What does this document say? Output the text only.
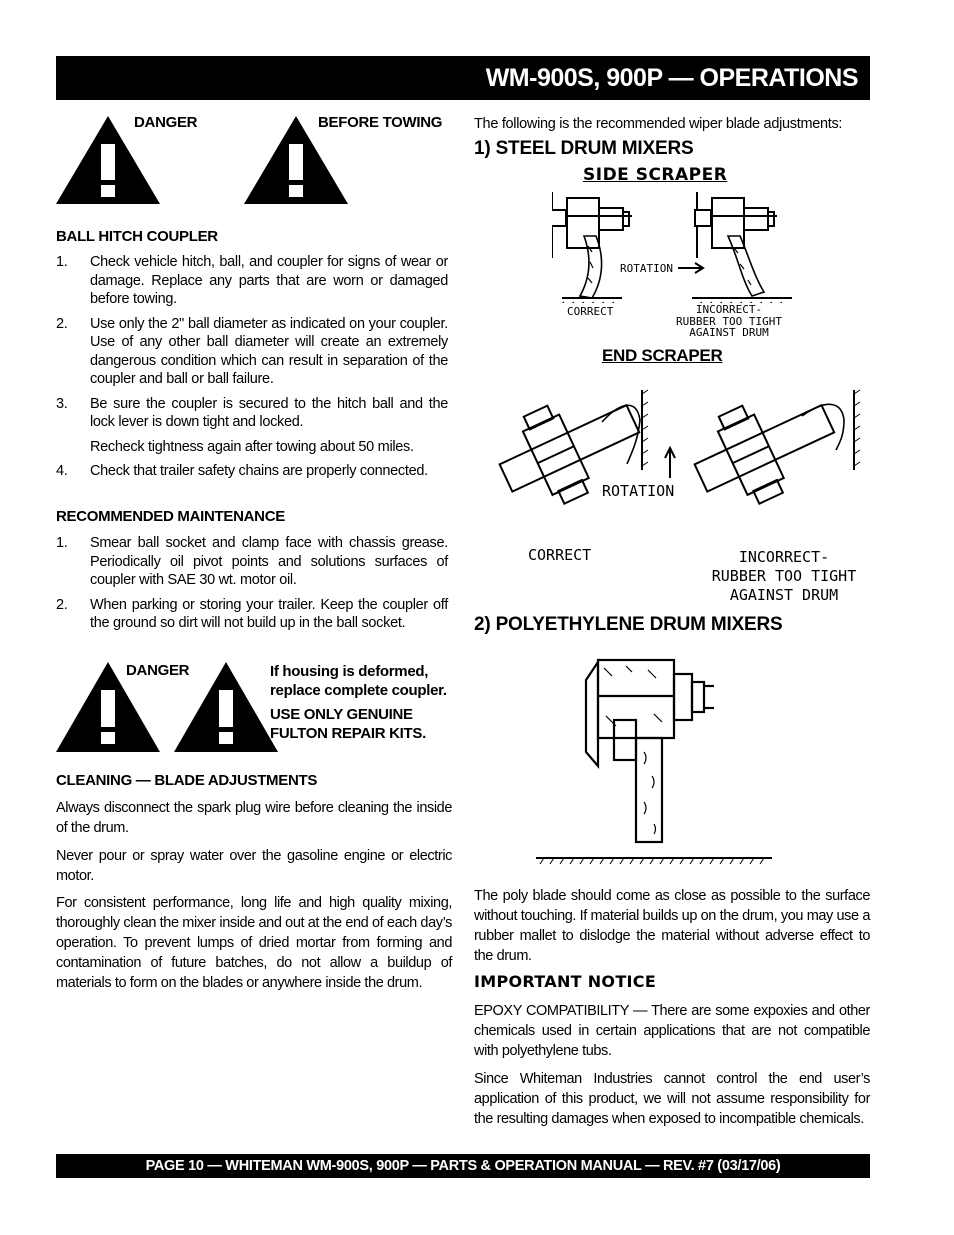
WM-900S, 900P — OPERATIONS
DANGER	BEFORE TOWING
BALL HITCH COUPLER
1. Check vehicle hitch, ball, and coupler for signs of wear or damage. Replace any parts that are worn or damaged before towing.
2. Use only the 2" ball diameter as indicated on your coupler. Use of any other ball diameter will create an extremely dangerous condition which can result in separation of the coupler and ball or ball failure.
3. Be sure the coupler is secured to the hitch ball and the lock lever is down tight and locked.
Recheck tightness again after towing about 50 miles.
4. Check that trailer safety chains are properly connected.
RECOMMENDED MAINTENANCE
1. Smear ball socket and clamp face with chassis grease. Periodically oil pivot points and solutions surfaces of coupler with SAE 30 wt. motor oil.
2. When parking or storing your trailer. Keep the coupler off the ground so dirt will not build up in the ball socket.
DANGER	If housing is deformed, replace complete coupler.
USE ONLY GENUINE FULTON REPAIR KITS.
CLEANING — BLADE ADJUSTMENTS

Always disconnect the spark plug wire before cleaning the inside of the drum.

Never pour or spray water over the gasoline engine or electric motor.

For consistent performance, long life and high quality mixing, thoroughly clean the mixer inside and out at the end of each day’s operation. To prevent lumps of dried mortar from forming and contamination of future batches, do not allow a buildup of materials to form on the blades or anywhere inside the drum.

The following is the recommended wiper blade adjustments:
1) STEEL DRUM MIXERS
SIDE SCRAPER
ROTATION
CORRECT	INCORRECT-
RUBBER TOO TIGHT
AGAINST DRUM
END SCRAPER
ROTATION
CORRECT	INCORRECT-
RUBBER TOO TIGHT
AGAINST DRUM
2) POLYETHYLENE DRUM MIXERS

The poly blade should come as close as possible to the surface without touching. If material builds up on the drum, you may use a rubber mallet to dislodge the material without adverse effect to the drum.

IMPORTANT NOTICE

EPOXY COMPATIBILITY — There are some expoxies and other chemicals used in certain applications that are not compatible with polyethylene tubs.

Since Whiteman Industries cannot control the end user’s application of this product, we will not assume responsibility for the resulting damages when exposed to incompatible chemicals.

PAGE 10 — WHITEMAN WM-900S, 900P — PARTS & OPERATION MANUAL — REV. #7 (03/17/06)
